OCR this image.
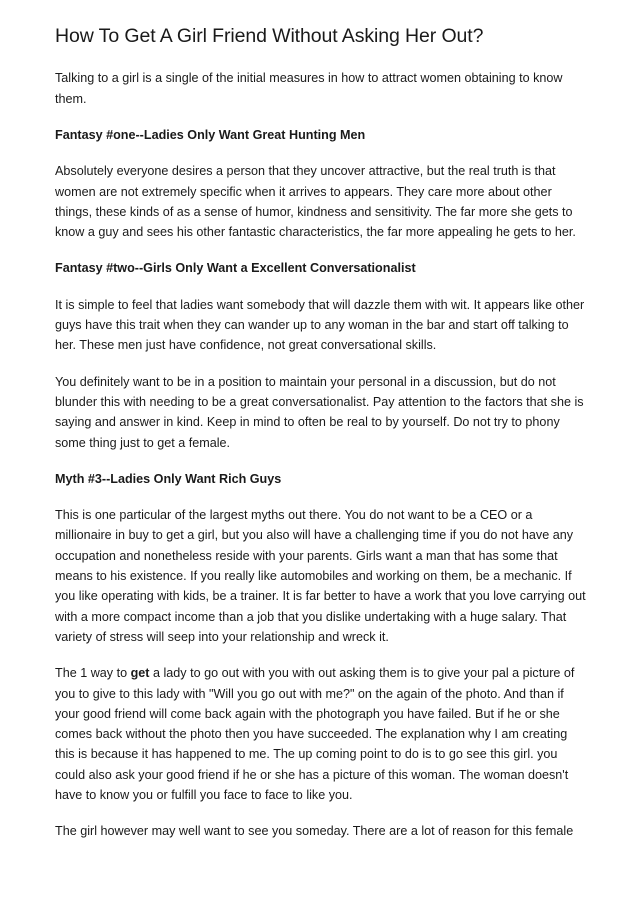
How To Get A Girl Friend Without Asking Her Out?

Talking to a girl is a single of the initial measures in how to attract women obtaining to know them.

Fantasy #one--Ladies Only Want Great Hunting Men

Absolutely everyone desires a person that they uncover attractive, but the real truth is that women are not extremely specific when it arrives to appears. They care more about other things, these kinds of as a sense of humor, kindness and sensitivity. The far more she gets to know a guy and sees his other fantastic characteristics, the far more appealing he gets to her.

Fantasy #two--Girls Only Want a Excellent Conversationalist

It is simple to feel that ladies want somebody that will dazzle them with wit. It appears like other guys have this trait when they can wander up to any woman in the bar and start off talking to her. These men just have confidence, not great conversational skills.

You definitely want to be in a position to maintain your personal in a discussion, but do not blunder this with needing to be a great conversationalist. Pay attention to the factors that she is saying and answer in kind. Keep in mind to often be real to by yourself. Do not try to phony some thing just to get a female.

Myth #3--Ladies Only Want Rich Guys

This is one particular of the largest myths out there. You do not want to be a CEO or a millionaire in buy to get a girl, but you also will have a challenging time if you do not have any occupation and nonetheless reside with your parents. Girls want a man that has some that means to his existence. If you really like automobiles and working on them, be a mechanic. If you like operating with kids, be a trainer. It is far better to have a work that you love carrying out with a more compact income than a job that you dislike undertaking with a huge salary. That variety of stress will seep into your relationship and wreck it.

The 1 way to get a lady to go out with you with out asking them is to give your pal a picture of you to give to this lady with "Will you go out with me?" on the again of the photo. And than if your good friend will come back again with the photograph you have failed. But if he or she comes back without the photo then you have succeeded. The explanation why I am creating this is because it has happened to me. The up coming point to do is to go see this girl. you could also ask your good friend if he or she has a picture of this woman. The woman doesn't have to know you or fulfill you face to face to like you.

The girl however may well want to see you someday. There are a lot of reason for this female
